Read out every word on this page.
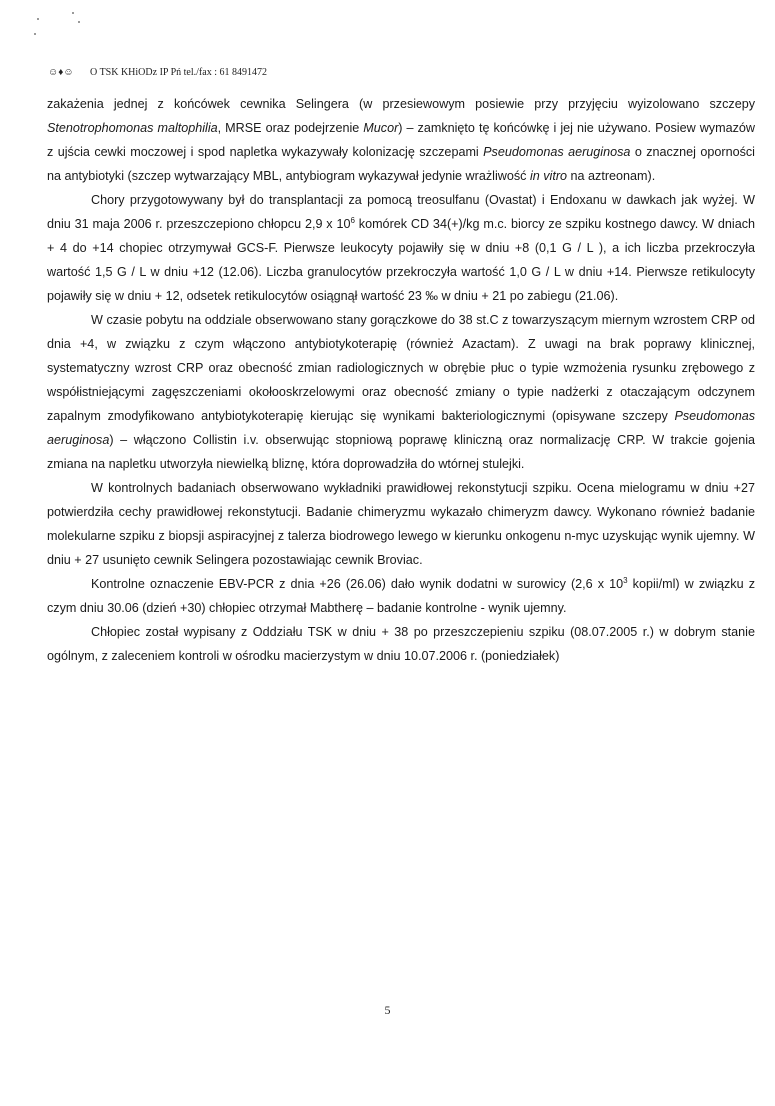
☺♦☺ O TSK KHiODz IP Pń tel./fax : 61 8491472

zakażenia jednej z końcówek cewnika Selingera (w przesiewowym posiewie przy przyjęciu wyizolowano szczepy Stenotrophomonas maltophilia, MRSE oraz podejrzenie Mucor) – zamknięto tę końcówkę i jej nie używano. Posiew wymazów z ujścia cewki moczowej i spod napletka wykazywały kolonizację szczepami Pseudomonas aeruginosa o znacznej oporności na antybiotyki (szczep wytwarzający MBL, antybiogram wykazywał jedynie wrażliwość in vitro na aztreonam).

Chory przygotowywany był do transplantacji za pomocą treosulfanu (Ovastat) i Endoxanu w dawkach jak wyżej. W dniu 31 maja 2006 r. przeszczepiono chłopcu 2,9 x $10^6$ komórek CD 34(+)/kg m.c. biorcy ze szpiku kostnego dawcy. W dniach + 4 do +14 chopiec otrzymywał GCS-F. Pierwsze leukocyty pojawiły się w dniu +8 (0,1 G / L ), a ich liczba przekroczyła wartość 1,5 G / L w dniu +12 (12.06). Liczba granulocytów przekroczyła wartość 1,0 G / L w dniu +14. Pierwsze retikulocyty pojawiły się w dniu + 12, odsetek retikulocytów osiągnął wartość 23 ‰ w dniu + 21 po zabiegu (21.06).

W czasie pobytu na oddziale obserwowano stany gorączkowe do 38 st.C z towarzyszącym miernym wzrostem CRP od dnia +4, w związku z czym włączono antybiotykoterapię (również Azactam). Z uwagi na brak poprawy klinicznej, systematyczny wzrost CRP oraz obecność zmian radiologicznych w obrębie płuc o typie wzmożenia rysunku zrębowego z współistniejącymi zagęszczeniami okołooskrzelowymi oraz obecność zmiany o typie nadżerki z otaczającym odczynem zapalnym zmodyfikowano antybiotykoterapię kierując się wynikami bakteriologicznymi (opisywane szczepy Pseudomonas aeruginosa) – włączono Collistin i.v. obserwując stopniową poprawę kliniczną oraz normalizację CRP. W trakcie gojenia zmiana na napletku utworzyła niewielką bliznę, która doprowadziła do wtórnej stulejki.

W kontrolnych badaniach obserwowano wykładniki prawidłowej rekonstytucji szpiku. Ocena mielogramu w dniu +27 potwierdziła cechy prawidłowej rekonstytucji. Badanie chimeryzmu wykazało chimeryzm dawcy. Wykonano również badanie molekularne szpiku z biopsji aspiracyjnej z talerza biodrowego lewego w kierunku onkogenu n-myc uzyskując wynik ujemny. W dniu + 27 usunięto cewnik Selingera pozostawiając cewnik Broviac.

Kontrolne oznaczenie EBV-PCR z dnia +26 (26.06) dało wynik dodatni w surowicy (2,6 x $10^3$ kopii/ml) w związku z czym dniu 30.06 (dzień +30) chłopiec otrzymał Mabtherę – badanie kontrolne - wynik ujemny.

Chłopiec został wypisany z Oddziału TSK w dniu + 38 po przeszczepieniu szpiku (08.07.2005 r.) w dobrym stanie ogólnym, z zaleceniem kontroli w ośrodku macierzystym w dniu 10.07.2006 r. (poniedziałek)

5
